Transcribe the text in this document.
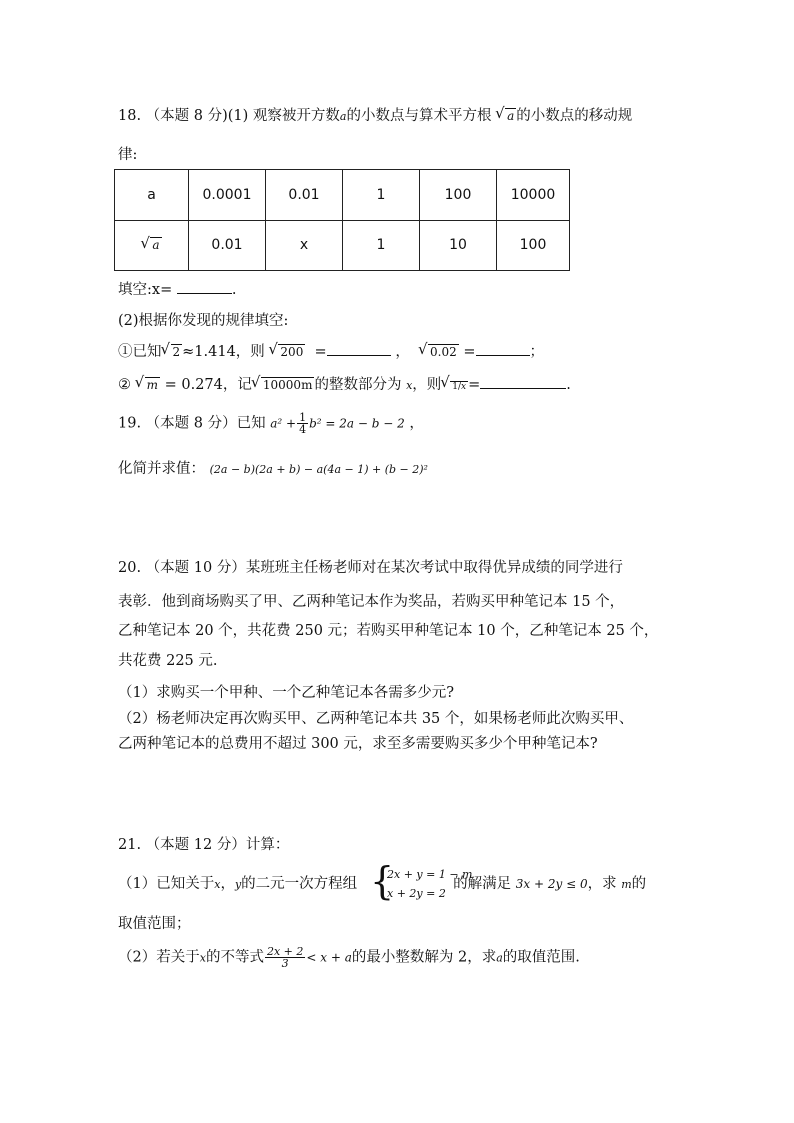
18. （本题 8 分)(1) 观察被开方数a的小数点与算术平方根 √ a 的小数点的移动规
律:
a	0.0001	0.01	1	100	10000
√ a	0.01	x	1	10	100
填空:x=	.
(2)根据你发现的规律填空:
①已知 √ 2 ≈1.414，则 √ 200 =	， √ 0.02 =	；
② √ m = 0.274，记 √ 10000m 的整数部分为 x，则 √ 1/x =	.
19. （本题 8 分）已知 $a^2 + \frac{1}{4} b^2 = 2a - b - 2$ ，
化简并求值： (2a − b)(2a + b) − a(4a − 1) + (b − 2)²
20. （本题 10 分）某班班主任杨老师对在某次考试中取得优异成绩的同学进行
表彰．他到商场购买了甲、乙两种笔记本作为奖品，若购买甲种笔记本 15 个，
乙种笔记本 20 个，共花费 250 元；若购买甲种笔记本 10 个，乙种笔记本 25 个，
共花费 225 元.
（1）求购买一个甲种、一个乙种笔记本各需多少元?
（2）杨老师决定再次购买甲、乙两种笔记本共 35 个，如果杨老师此次购买甲、
乙两种笔记本的总费用不超过 300 元，求至多需要购买多少个甲种笔记本?
21. （本题 12 分）计算：
（1）已知关于x，y的二元一次方程组	的解满足 3x + 2y ≤ 0，求 m的
{
2x + y = 1 − m
x + 2y = 2
取值范围；
（2）若关于x的不等式 $\frac{2x + 2}{3} < x + a$的最小整数解为 2，求a的取值范围.
